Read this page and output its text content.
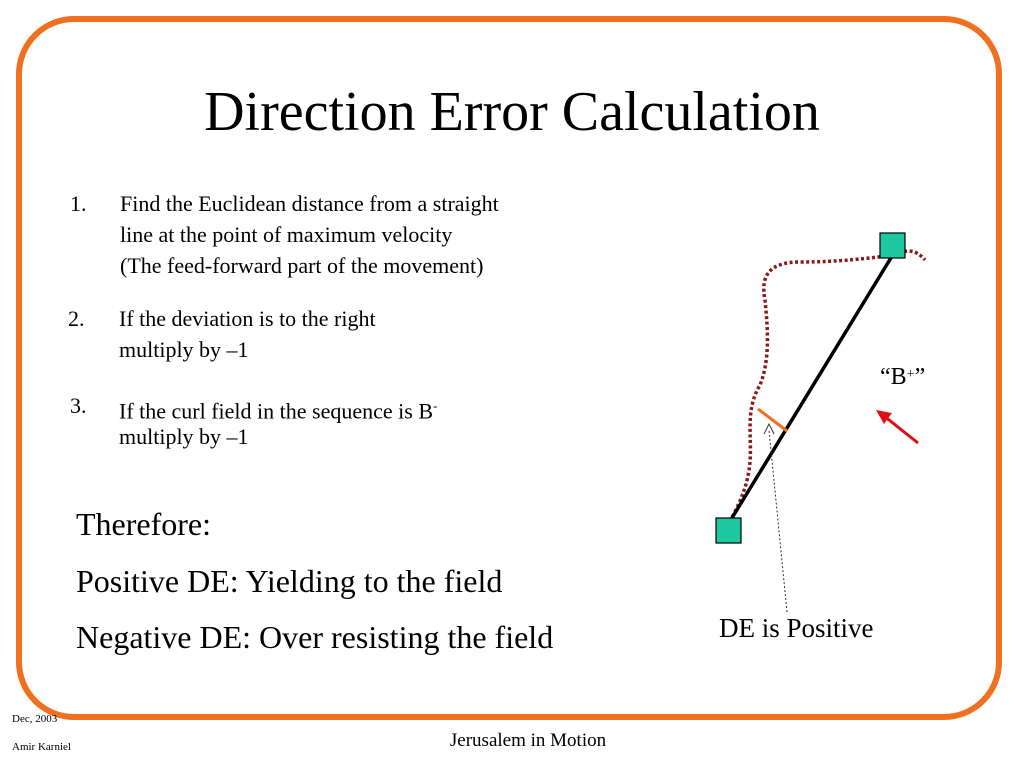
Direction Error Calculation
1. Find the Euclidean distance from a straight
line at the point of maximum velocity
(The feed-forward part of the movement)
2. If the deviation is to the right
multiply by –1
3. If the curl field in the sequence is B-
multiply by –1
Therefore:
Positive DE: Yielding to the field
Negative DE: Over resisting the field
“B+”
DE is Positive
Dec, 2003
Amir Karniel	Jerusalem in Motion
